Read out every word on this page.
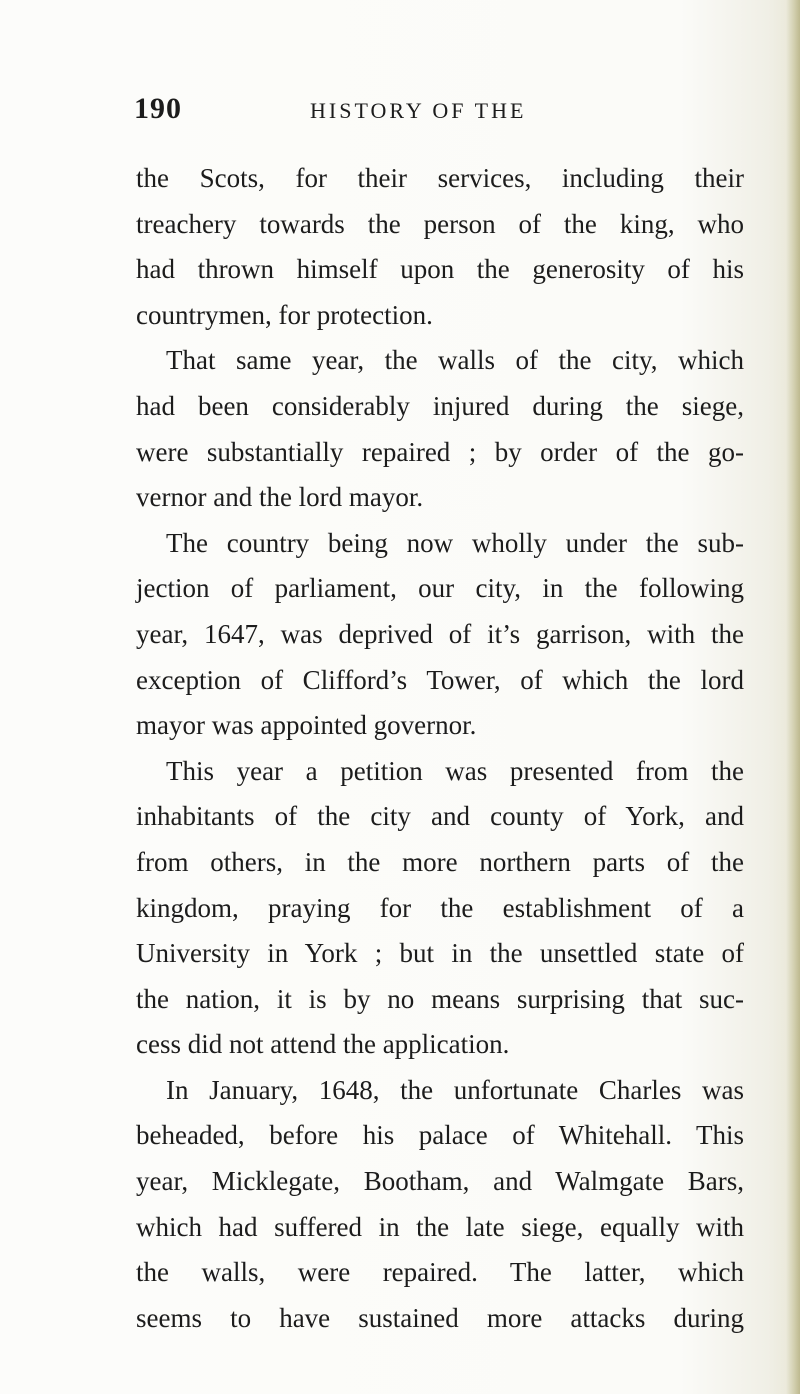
190	HISTORY OF THE
the Scots, for their services, including their
treachery towards the person of the king, who
had thrown himself upon the generosity of his
countrymen, for protection.
That same year, the walls of the city, which
had been considerably injured during the siege,
were substantially repaired ; by order of the go-
vernor and the lord mayor.
The country being now wholly under the sub-
jection of parliament, our city, in the following
year, 1647, was deprived of it’s garrison, with the
exception of Clifford’s Tower, of which the lord
mayor was appointed governor.
This year a petition was presented from the
inhabitants of the city and county of York, and
from others, in the more northern parts of the
kingdom, praying for the establishment of a
University in York ; but in the unsettled state of
the nation, it is by no means surprising that suc-
cess did not attend the application.
In January, 1648, the unfortunate Charles was
beheaded, before his palace of Whitehall. This
year, Micklegate, Bootham, and Walmgate Bars,
which had suffered in the late siege, equally with
the walls, were repaired. The latter, which
seems to have sustained more attacks during
